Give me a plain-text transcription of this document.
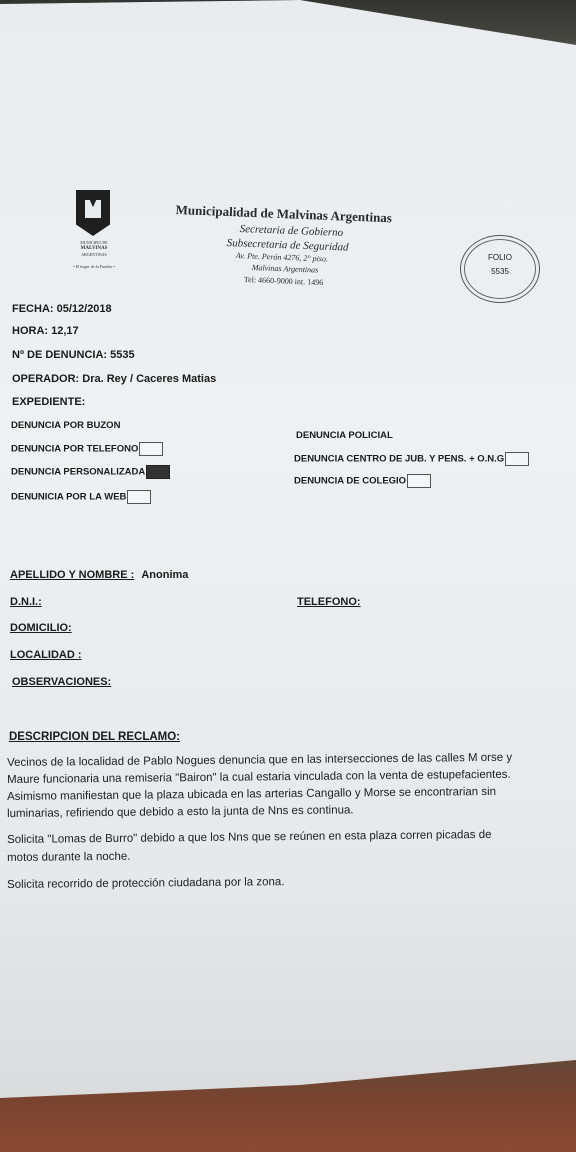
MUNICIPIO DE
MALVINAS
ARGENTINAS
• El hogar de la Familia •
Municipalidad de Malvinas Argentinas
Secretaria de Gobierno
Subsecretaria de Seguridad
Av. Pte. Perón 4276, 2° piso.
Malvinas Argentinas
Tel: 4660-9000 int. 1496
FOLIO
5535
FECHA: 05/12/2018
HORA: 12,17
Nº DE DENUNCIA: 5535
OPERADOR: Dra. Rey / Caceres Matias
EXPEDIENTE:
DENUNCIA POR BUZON
DENUNCIA POR TELEFONO
DENUNCIA PERSONALIZADA
DENUNICIA POR LA WEB
DENUNCIA POLICIAL
DENUNCIA CENTRO DE JUB. Y PENS. + O.N.G
DENUNCIA DE COLEGIO
APELLIDO Y NOMBRE : Anonima
D.N.I.:	TELEFONO:
DOMICILIO:
LOCALIDAD :
OBSERVACIONES:
DESCRIPCION DEL RECLAMO:
Vecinos de la localidad de Pablo Nogues denuncia que en las intersecciones de las calles M orse y
Maure funcionaria una remiseria "Bairon" la cual estaria vinculada con la venta de estupefacientes.
Asimismo manifiestan que la plaza ubicada en las arterias Cangallo y Morse se encontrarian sin
luminarias, refiriendo que debido a esto la junta de Nns es continua.
Solicita "Lomas de Burro" debido a que los Nns que se reúnen en esta plaza corren picadas de
motos durante la noche.
Solicita recorrido de protección ciudadana por la zona.
